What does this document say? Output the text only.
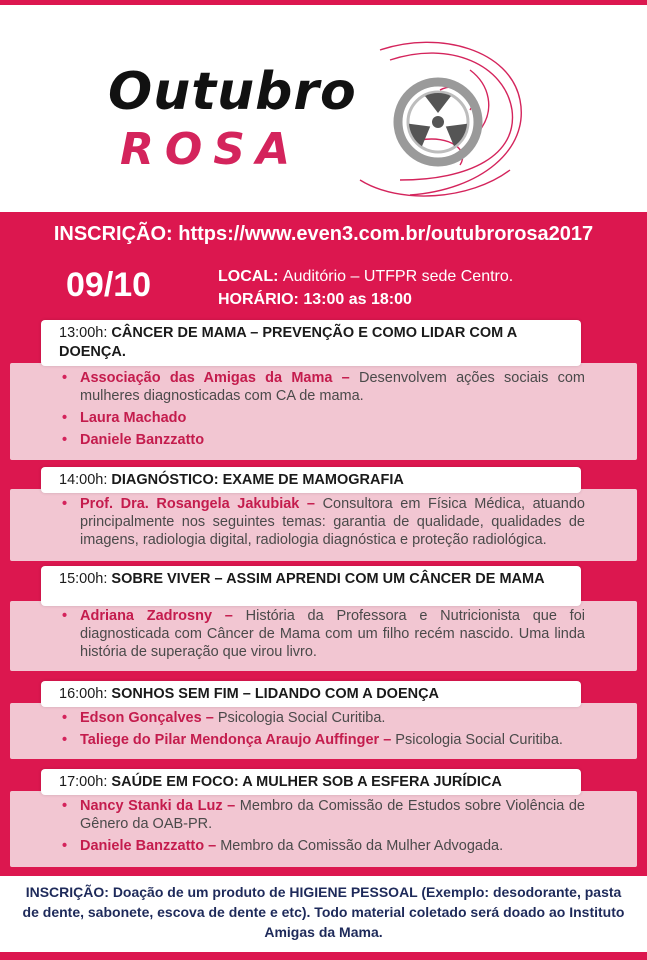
Outubro
ROSA
INSCRIÇÃO: https://www.even3.com.br/outubrorosa2017
09/10	LOCAL: Auditório – UTFPR sede Centro.
HORÁRIO: 13:00 as 18:00
• Associação das Amigas da Mama – Desenvolvem ações sociais com mulheres diagnosticadas com CA de mama.
• Laura Machado
• Daniele Banzzatto
13:00h: CÂNCER DE MAMA – PREVENÇÃO E COMO LIDAR COM A DOENÇA.
• Prof. Dra. Rosangela Jakubiak – Consultora em Física Médica, atuando principalmente nos seguintes temas: garantia de qualidade, qualidades de imagens, radiologia digital, radiologia diagnóstica e proteção radiológica.
14:00h: DIAGNÓSTICO: EXAME DE MAMOGRAFIA
• Adriana Zadrosny – História da Professora e Nutricionista que foi diagnosticada com Câncer de Mama com um filho recém nascido. Uma linda história de superação que virou livro.
15:00h: SOBRE VIVER – ASSIM APRENDI COM UM CÂNCER DE MAMA
• Edson Gonçalves – Psicologia Social Curitiba.
• Taliege do Pilar Mendonça Araujo Auffinger – Psicologia Social Curitiba.
16:00h: SONHOS SEM FIM – LIDANDO COM A DOENÇA
• Nancy Stanki da Luz – Membro da Comissão de Estudos sobre Violência de Gênero da OAB-PR.
• Daniele Banzzatto – Membro da Comissão da Mulher Advogada.
17:00h: SAÚDE EM FOCO: A MULHER SOB A ESFERA JURÍDICA
INSCRIÇÃO: Doação de um produto de HIGIENE PESSOAL (Exemplo: desodorante, pasta de dente, sabonete, escova de dente e etc). Todo material coletado será doado ao Instituto Amigas da Mama.
